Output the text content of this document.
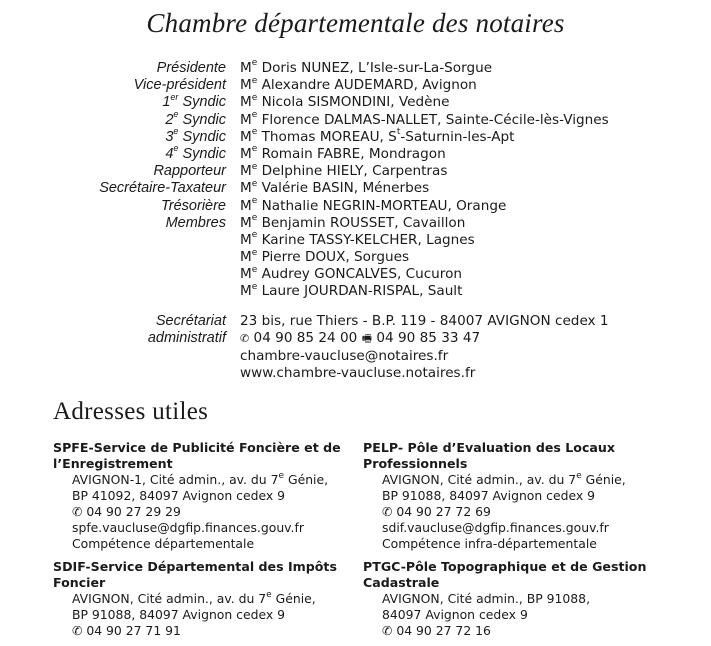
Chambre départementale des notaires
Présidente Me Doris NUNEZ, L’Isle-sur-La-Sorgue
Vice-président Me Alexandre AUDEMARD, Avignon
1er Syndic Me Nicola SISMONDINI, Vedène
2e Syndic Me Florence DALMAS-NALLET, Sainte-Cécile-lès-Vignes
3e Syndic Me Thomas MOREAU, $S^t-Saturnin-les$-Apt
4e Syndic Me Romain FABRE, Mondragon
Rapporteur Me Delphine HIELY, Carpentras
Secrétaire-Taxateur Me Valérie BASIN, Ménerbes
Trésorière Me Nathalie NEGRIN-MORTEAU, Orange
Membres Me Benjamin ROUSSET, Cavaillon
Me Karine TASSY-KELCHER, Lagnes
Me Pierre DOUX, Sorgues
Me Audrey GONCALVES, Cucuron
Me Laure JOURDAN-RISPAL, Sault
Secrétariat 23 bis, rue Thiers - B.P. 119 - 84007 AVIGNON cedex 1
administratif ✆ 04 90 85 24 00 🖷 04 90 85 33 47
chambre-vaucluse@notaires.fr
www.chambre-vaucluse.notaires.fr
Adresses utiles
SPFE-Service de Publicité Foncière et de l’Enregistrement
AVIGNON-1, Cité admin., av. du 7e Génie,
BP 41092, 84097 Avignon cedex 9
✆ 04 90 27 29 29
spfe.vaucluse@dgfip.finances.gouv.fr
Compétence départementale
SDIF-Service Départemental des Impôts Foncier
AVIGNON, Cité admin., av. du 7e Génie,
BP 91088, 84097 Avignon cedex 9
✆ 04 90 27 71 91
PELP- Pôle d’Evaluation des Locaux Professionnels
AVIGNON, Cité admin., av. du 7e Génie,
BP 91088, 84097 Avignon cedex 9
✆ 04 90 27 72 69
sdif.vaucluse@dgfip.finances.gouv.fr
Compétence infra-départementale
PTGC-Pôle Topographique et de Gestion Cadastrale
AVIGNON, Cité admin., BP 91088,
84097 Avignon cedex 9
✆ 04 90 27 72 16
